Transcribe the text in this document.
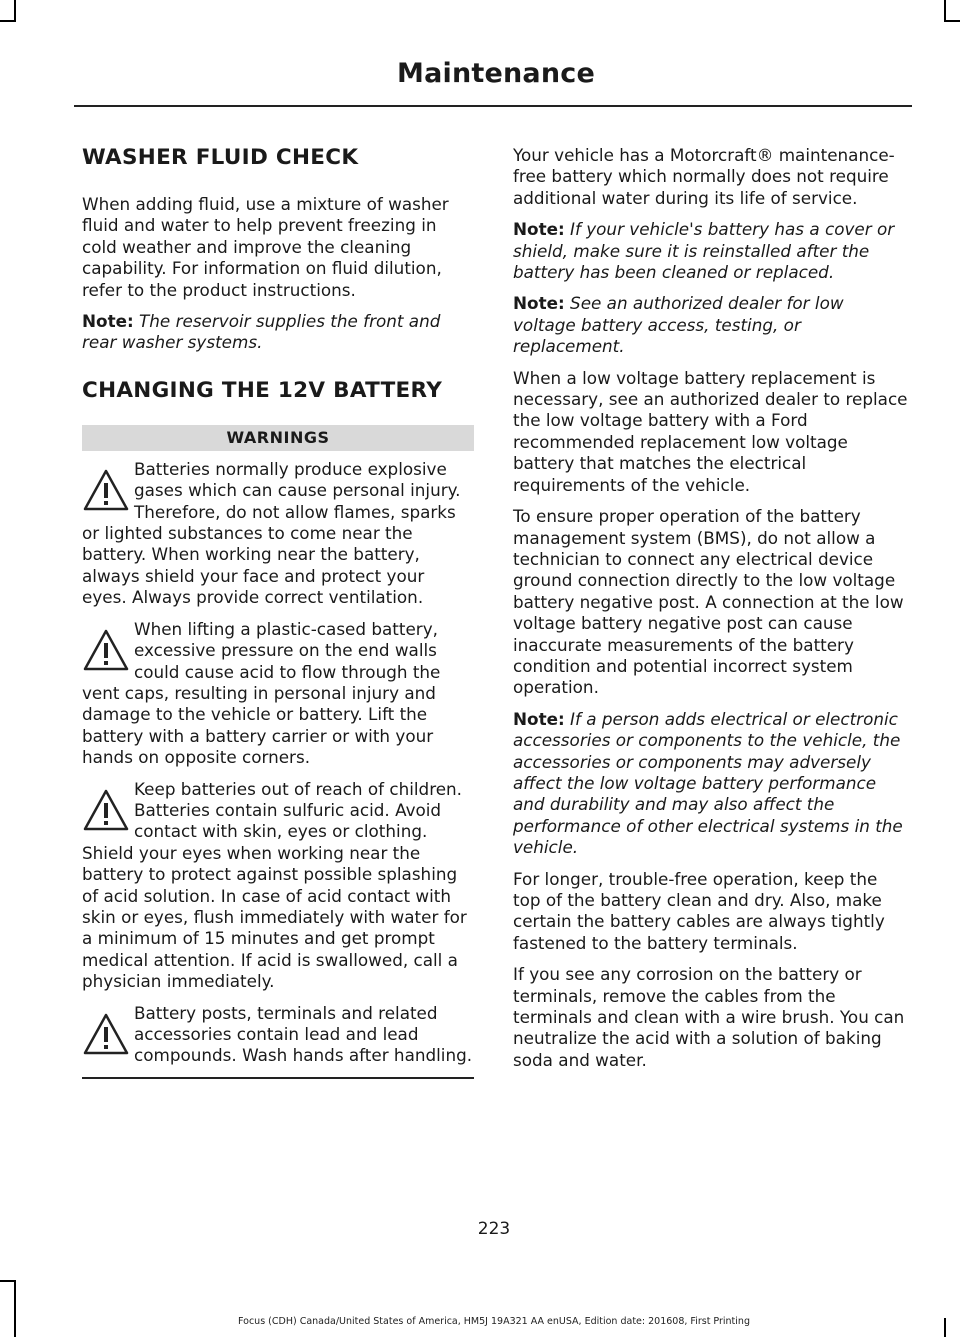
Maintenance
WASHER FLUID CHECK

When adding fluid, use a mixture of washer fluid and water to help prevent freezing in cold weather and improve the cleaning capability. For information on fluid dilution, refer to the product instructions.

Note: The reservoir supplies the front and rear washer systems.

CHANGING THE 12V BATTERY
WARNINGS
Batteries normally produce explosive gases which can cause personal injury. Therefore, do not allow flames, sparks or lighted substances to come near the battery. When working near the battery, always shield your face and protect your eyes. Always provide correct ventilation.
When lifting a plastic-cased battery, excessive pressure on the end walls could cause acid to flow through the vent caps, resulting in personal injury and damage to the vehicle or battery. Lift the battery with a battery carrier or with your hands on opposite corners.
Keep batteries out of reach of children. Batteries contain sulfuric acid. Avoid contact with skin, eyes or clothing. Shield your eyes when working near the battery to protect against possible splashing of acid solution. In case of acid contact with skin or eyes, flush immediately with water for a minimum of 15 minutes and get prompt medical attention. If acid is swallowed, call a physician immediately.
Battery posts, terminals and related accessories contain lead and lead compounds. Wash hands after handling.

Your vehicle has a Motorcraft® maintenance-free battery which normally does not require additional water during its life of service.

Note: If your vehicle's battery has a cover or shield, make sure it is reinstalled after the battery has been cleaned or replaced.

Note: See an authorized dealer for low voltage battery access, testing, or replacement.

When a low voltage battery replacement is necessary, see an authorized dealer to replace the low voltage battery with a Ford recommended replacement low voltage battery that matches the electrical requirements of the vehicle.

To ensure proper operation of the battery management system (BMS), do not allow a technician to connect any electrical device ground connection directly to the low voltage battery negative post. A connection at the low voltage battery negative post can cause inaccurate measurements of the battery condition and potential incorrect system operation.

Note: If a person adds electrical or electronic accessories or components to the vehicle, the accessories or components may adversely affect the low voltage battery performance and durability and may also affect the performance of other electrical systems in the vehicle.

For longer, trouble-free operation, keep the top of the battery clean and dry. Also, make certain the battery cables are always tightly fastened to the battery terminals.

If you see any corrosion on the battery or terminals, remove the cables from the terminals and clean with a wire brush. You can neutralize the acid with a solution of baking soda and water.

223
Focus (CDH) Canada/United States of America, HM5J 19A321 AA enUSA, Edition date: 201608, First Printing
